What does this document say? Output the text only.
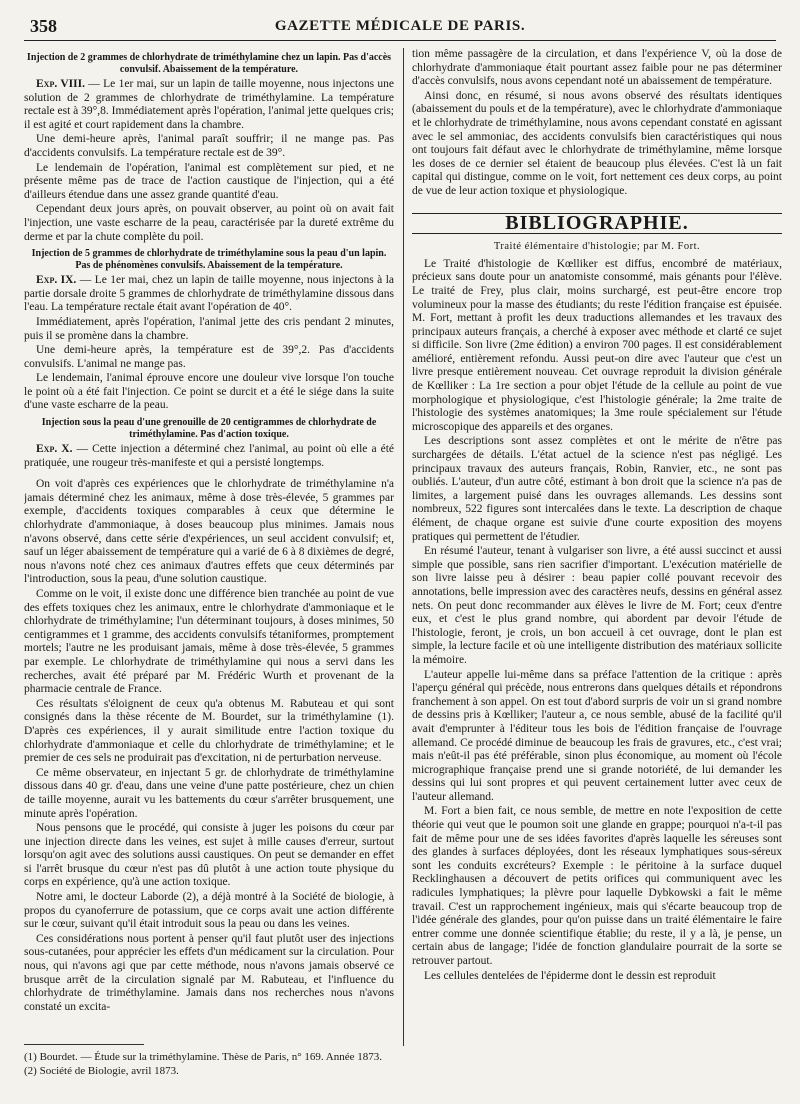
358	GAZETTE MÉDICALE DE PARIS.

Injection de 2 grammes de chlorhydrate de triméthylamine chez un lapin. Pas d'accès convulsif. Abaissement de la température.

Exp. VIII. — Le 1er mai, sur un lapin de taille moyenne, nous injectons une solution de 2 grammes de chlorhydrate de triméthylamine. La température rectale est à 39°,8. Immédiatement après l'opération, l'animal jette quelques cris; il est agité et court rapidement dans la chambre.

Une demi-heure après, l'animal paraît souffrir; il ne mange pas. Pas d'accidents convulsifs. La température rectale est de 39°.

Le lendemain de l'opération, l'animal est complètement sur pied, et ne présente même pas de trace de l'action caustique de l'injection, qui a été d'ailleurs étendue dans une assez grande quantité d'eau.

Cependant deux jours après, on pouvait observer, au point où on avait fait l'injection, une vaste escharre de la peau, caractérisée par la dureté extrême du derme et par la chute complète du poil.

Injection de 5 grammes de chlorhydrate de triméthylamine sous la peau d'un lapin. Pas de phénomènes convulsifs. Abaissement de la température.

Exp. IX. — Le 1er mai, chez un lapin de taille moyenne, nous injectons à la partie dorsale droite 5 grammes de chlorhydrate de triméthylamine dissous dans l'eau. La température rectale était avant l'opération de 40°.

Immédiatement, après l'opération, l'animal jette des cris pendant 2 minutes, puis il se promène dans la chambre.

Une demi-heure après, la température est de 39°,2. Pas d'accidents convulsifs. L'animal ne mange pas.

Le lendemain, l'animal éprouve encore une douleur vive lorsque l'on touche le point où a été fait l'injection. Ce point se durcit et a été le siége dans la suite d'une vaste escharre de la peau.

Injection sous la peau d'une grenouille de 20 centigrammes de chlorhydrate de triméthylamine. Pas d'action toxique.

Exp. X. — Cette injection a déterminé chez l'animal, au point où elle a été pratiquée, une rougeur très-manifeste et qui a persisté longtemps.

On voit d'après ces expériences que le chlorhydrate de triméthylamine n'a jamais déterminé chez les animaux, même à dose très-élevée, 5 grammes par exemple, d'accidents toxiques comparables à ceux que détermine le chlorhydrate d'ammoniaque, à doses beaucoup plus minimes. Jamais nous n'avons observé, dans cette série d'expériences, un seul accident convulsif; et, sauf un léger abaissement de température qui a varié de 6 à 8 dixièmes de degré, nous n'avons noté chez ces animaux d'autres effets que ceux déterminés par l'introduction, sous la peau, d'une solution caustique.

Comme on le voit, il existe donc une différence bien tranchée au point de vue des effets toxiques chez les animaux, entre le chlorhydrate d'ammoniaque et le chlorhydrate de triméthylamine; l'un déterminant toujours, à doses minimes, 50 centigrammes et 1 gramme, des accidents convulsifs tétaniformes, promptement mortels; l'autre ne les produisant jamais, même à dose très-élevée, 5 grammes par exemple. Le chlorhydrate de triméthylamine qui nous a servi dans les recherches, avait été préparé par M. Frédéric Wurth et provenant de la pharmacie centrale de France.

Ces résultats s'éloignent de ceux qu'a obtenus M. Rabuteau et qui sont consignés dans la thèse récente de M. Bourdet, sur la triméthylamine (1). D'après ces expériences, il y aurait similitude entre l'action toxique du chlorhydrate d'ammoniaque et celle du chlorhydrate de triméthylamine; et le premier de ces sels ne produirait pas d'excitation, ni de perturbation nerveuse.

Ce même observateur, en injectant 5 gr. de chlorhydrate de triméthylamine dissous dans 40 gr. d'eau, dans une veine d'une patte postérieure, chez un chien de taille moyenne, aurait vu les battements du cœur s'arrêter brusquement, une minute après l'opération.

Nous pensons que le procédé, qui consiste à juger les poisons du cœur par une injection directe dans les veines, est sujet à mille causes d'erreur, surtout lorsqu'on agit avec des solutions aussi caustiques. On peut se demander en effet si l'arrêt brusque du cœur n'est pas dû plutôt à une action toute physique du corps en expérience, qu'à une action toxique.

Notre ami, le docteur Laborde (2), a déjà montré à la Société de biologie, à propos du cyanoferrure de potassium, que ce corps avait une action différente sur le cœur, suivant qu'il était introduit sous la peau ou dans les veines.

Ces considérations nous portent à penser qu'il faut plutôt user des injections sous-cutanées, pour apprécier les effets d'un médicament sur la circulation. Pour nous, qui n'avons agi que par cette méthode, nous n'avons jamais observé ce brusque arrêt de la circulation signalé par M. Rabuteau, et l'influence du chlorhydrate de triméthylamine. Jamais dans nos recherches nous n'avons constaté un excita-

tion même passagère de la circulation, et dans l'expérience V, où la dose de chlorhydrate d'ammoniaque était pourtant assez faible pour ne pas déterminer d'accès convulsifs, nous avons cependant noté un abaissement de température.

Ainsi donc, en résumé, si nous avons observé des résultats identiques (abaissement du pouls et de la température), avec le chlorhydrate d'ammoniaque et le chlorhydrate de triméthylamine, nous avons cependant constaté en agissant avec le sel ammoniac, des accidents convulsifs bien caractéristiques qui nous ont toujours fait défaut avec le chlorhydrate de triméthylamine, même lorsque les doses de ce dernier sel étaient de beaucoup plus élevées. C'est là un fait capital qui distingue, comme on le voit, fort nettement ces deux corps, au point de vue de leur action toxique et physiologique.

BIBLIOGRAPHIE.
Traité élémentaire d'histologie; par M. Fort.

Le Traité d'histologie de Kœlliker est diffus, encombré de matériaux, précieux sans doute pour un anatomiste consommé, mais génants pour l'élève. Le traité de Frey, plus clair, moins surchargé, est peut-être encore trop volumineux pour la masse des étudiants; du reste l'édition française est épuisée. M. Fort, mettant à profit les deux traductions allemandes et les travaux des principaux auteurs français, a cherché à exposer avec méthode et clarté ce sujet si difficile. Son livre (2me édition) a environ 700 pages. Il est considérablement amélioré, entièrement refondu. Aussi peut-on dire avec l'auteur que c'est un livre presque entièrement nouveau. Cet ouvrage reproduit la division générale de Kœlliker : La 1re section a pour objet l'étude de la cellule au point de vue morphologique et physiologique, c'est l'histologie générale; la 2me traite de l'histologie des systèmes anatomiques; la 3me roule spécialement sur l'étude microscopique des appareils et des organes.

Les descriptions sont assez complètes et ont le mérite de n'être pas surchargées de détails. L'état actuel de la science n'est pas négligé. Les principaux travaux des auteurs français, Robin, Ranvier, etc., ne sont pas oubliés. L'auteur, d'un autre côté, estimant à bon droit que la science n'a pas de limites, a largement puisé dans les ouvrages allemands. Les dessins sont nombreux, 522 figures sont intercalées dans le texte. La description de chaque élément, de chaque organe est suivie d'une courte exposition des moyens pratiques qui permettent de l'étudier.

En résumé l'auteur, tenant à vulgariser son livre, a été aussi succinct et aussi simple que possible, sans rien sacrifier d'important. L'exécution matérielle de son livre laisse peu à désirer : beau papier collé pouvant recevoir des annotations, belle impression avec des caractères neufs, dessins en général assez nets. On peut donc recommander aux élèves le livre de M. Fort; ceux d'entre eux, et c'est le plus grand nombre, qui abordent par devoir l'étude de l'histologie, feront, je crois, un bon accueil à cet ouvrage, dont le plan est simple, la lecture facile et où une intelligente distribution des matériaux sollicite la mémoire.

L'auteur appelle lui-même dans sa préface l'attention de la critique : après l'aperçu général qui précède, nous entrerons dans quelques détails et répondrons franchement à son appel. On est tout d'abord surpris de voir un si grand nombre de dessins pris à Kœlliker; l'auteur a, ce nous semble, abusé de la facilité qu'il avait d'emprunter à l'éditeur tous les bois de l'édition française de l'ouvrage allemand. Ce procédé diminue de beaucoup les frais de gravures, etc., c'est vrai; mais n'eût-il pas été préférable, sinon plus économique, au moment où l'école micrographique française prend une si grande notoriété, de lui demander les dessins qui lui sont propres et qui peuvent certainement lutter avec ceux de l'auteur allemand.

M. Fort a bien fait, ce nous semble, de mettre en note l'exposition de cette théorie qui veut que le poumon soit une glande en grappe; pourquoi n'a-t-il pas fait de même pour une de ses idées favorites d'après laquelle les séreuses sont des glandes à surfaces déployées, dont les réseaux lymphatiques sous-séreux sont les conduits excréteurs? Exemple : le péritoine à la surface duquel Recklinghausen a découvert de petits orifices qui communiquent avec les radicules lymphatiques; la plèvre pour laquelle Dybkowski a fait le même travail. C'est un rapprochement ingénieux, mais qui s'écarte beaucoup trop de l'idée générale des glandes, pour qu'on puisse dans un traité élémentaire le faire entrer comme une donnée scientifique établie; du reste, il y a là, je pense, un certain abus de langage; l'idée de fonction glandulaire pourrait de la sorte se retrouver partout.

Les cellules dentelées de l'épiderme dont le dessin est reproduit

(1) Bourdet. — Étude sur la triméthylamine. Thèse de Paris, n° 169. Année 1873.
(2) Société de Biologie, avril 1873.
